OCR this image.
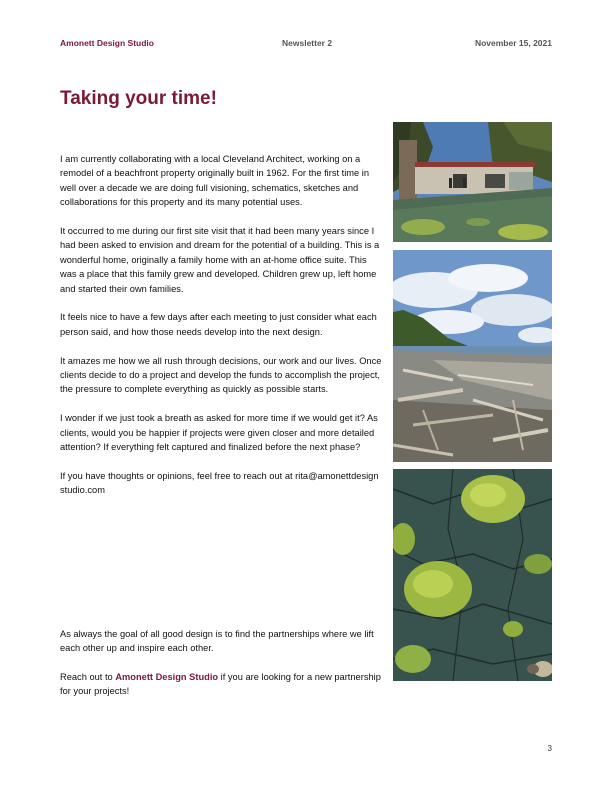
Amonett Design Studio	Newsletter 2	November 15, 2021
Taking your time!

I am currently collaborating with a local Cleveland Architect, working on a remodel of a beachfront property originally built in 1962. For the first time in well over a decade we are doing full visioning, schematics, sketches and collaborations for this property and its many potential uses.

It occurred to me during our first site visit that it had been many years since I had been asked to envision and dream for the potential of a building. This is a wonderful home, originally a family home with an at-home office suite. This was a place that this family grew and developed. Children grew up, left home and started their own families.

It feels nice to have a few days after each meeting to just consider what each person said, and how those needs develop into the next design.

It amazes me how we all rush through decisions, our work and our lives. Once clients decide to do a project and develop the funds to accomplish the project, the pressure to complete everything as quickly as possible starts.

I wonder if we just took a breath as asked for more time if we would get it? As clients, would you be happier if projects were given closer and more detailed attention? If everything felt captured and finalized before the next phase?

If you have thoughts or opinions, feel free to reach out at rita@amonettdesign studio.com

As always the goal of all good design is to find the partnerships where we lift each other up and inspire each other.

Reach out to Amonett Design Studio if you are looking for a new partnership for your projects!

3
